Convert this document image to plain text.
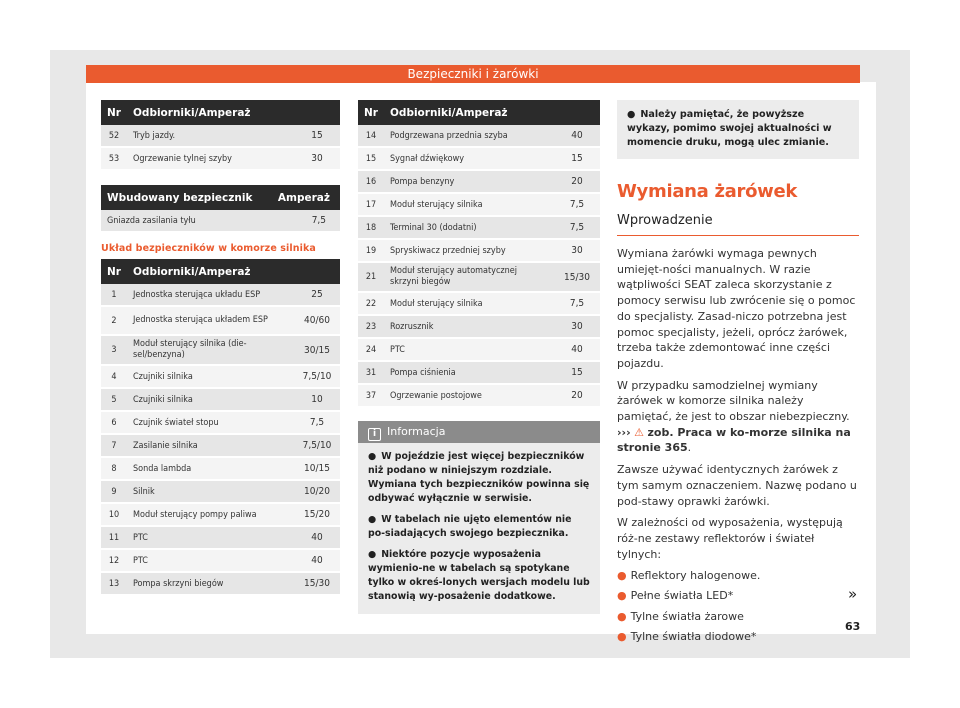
Bezpieczniki i żarówki
Nr	Odbiorniki/Amperaż	
52	Tryb jazdy.	15
53	Ogrzewanie tylnej szyby	30
Wbudowany bezpiecznik	Amperaż
Gniazda zasilania tyłu	7,5
Układ bezpieczników w komorze silnika
Nr	Odbiorniki/Amperaż	
1	Jednostka sterująca układu ESP	25
2	Jednostka sterująca układem ESP	40/60
3	Moduł sterujący silnika (die-sel/benzyna)	30/15
4	Czujniki silnika	7,5/10
5	Czujniki silnika	10
6	Czujnik świateł stopu	7,5
7	Zasilanie silnika	7,5/10
8	Sonda lambda	10/15
9	Silnik	10/20
10	Moduł sterujący pompy paliwa	15/20
11	PTC	40
12	PTC	40
13	Pompa skrzyni biegów	15/30
Nr	Odbiorniki/Amperaż	
14	Podgrzewana przednia szyba	40
15	Sygnał dźwiękowy	15
16	Pompa benzyny	20
17	Moduł sterujący silnika	7,5
18	Terminal 30 (dodatni)	7,5
19	Spryskiwacz przedniej szyby	30
21	Moduł sterujący automatycznej skrzyni biegów	15/30
22	Moduł sterujący silnika	7,5
23	Rozrusznik	30
24	PTC	40
31	Pompa ciśnienia	15
37	Ogrzewanie postojowe	20
i Informacja

● W pojeździe jest więcej bezpieczników niż podano w niniejszym rozdziale. Wymiana tych bezpieczników powinna się odbywać wyłącznie w serwisie.

● W tabelach nie ujęto elementów nie po-siadających swojego bezpiecznika.

● Niektóre pozycje wyposażenia wymienio-ne w tabelach są spotykane tylko w okreś-lonych wersjach modelu lub stanowią wy-posażenie dodatkowe.

● Należy pamiętać, że powyższe wykazy, pomimo swojej aktualności w momencie druku, mogą ulec zmianie.
Wymiana żarówek
Wprowadzenie

Wymiana żarówki wymaga pewnych umiejęt-ności manualnych. W razie wątpliwości SEAT zaleca skorzystanie z pomocy serwisu lub zwrócenie się o pomoc do specjalisty. Zasad-niczo potrzebna jest pomoc specjalisty, jeżeli, oprócz żarówek, trzeba także zdemontować inne części pojazdu.

W przypadku samodzielnej wymiany żarówek w komorze silnika należy pamiętać, że jest to obszar niebezpieczny. ››› ⚠ zob. Praca w ko-morze silnika na stronie 365.

Zawsze używać identycznych żarówek z tym samym oznaczeniem. Nazwę podano u pod-stawy oprawki żarówki.

W zależności od wyposażenia, występują róż-ne zestawy reflektorów i świateł tylnych:

● Reflektory halogenowe.
● Pełne światła LED*
● Tylne światła żarowe
● Tylne światła diodowe*
»
63
